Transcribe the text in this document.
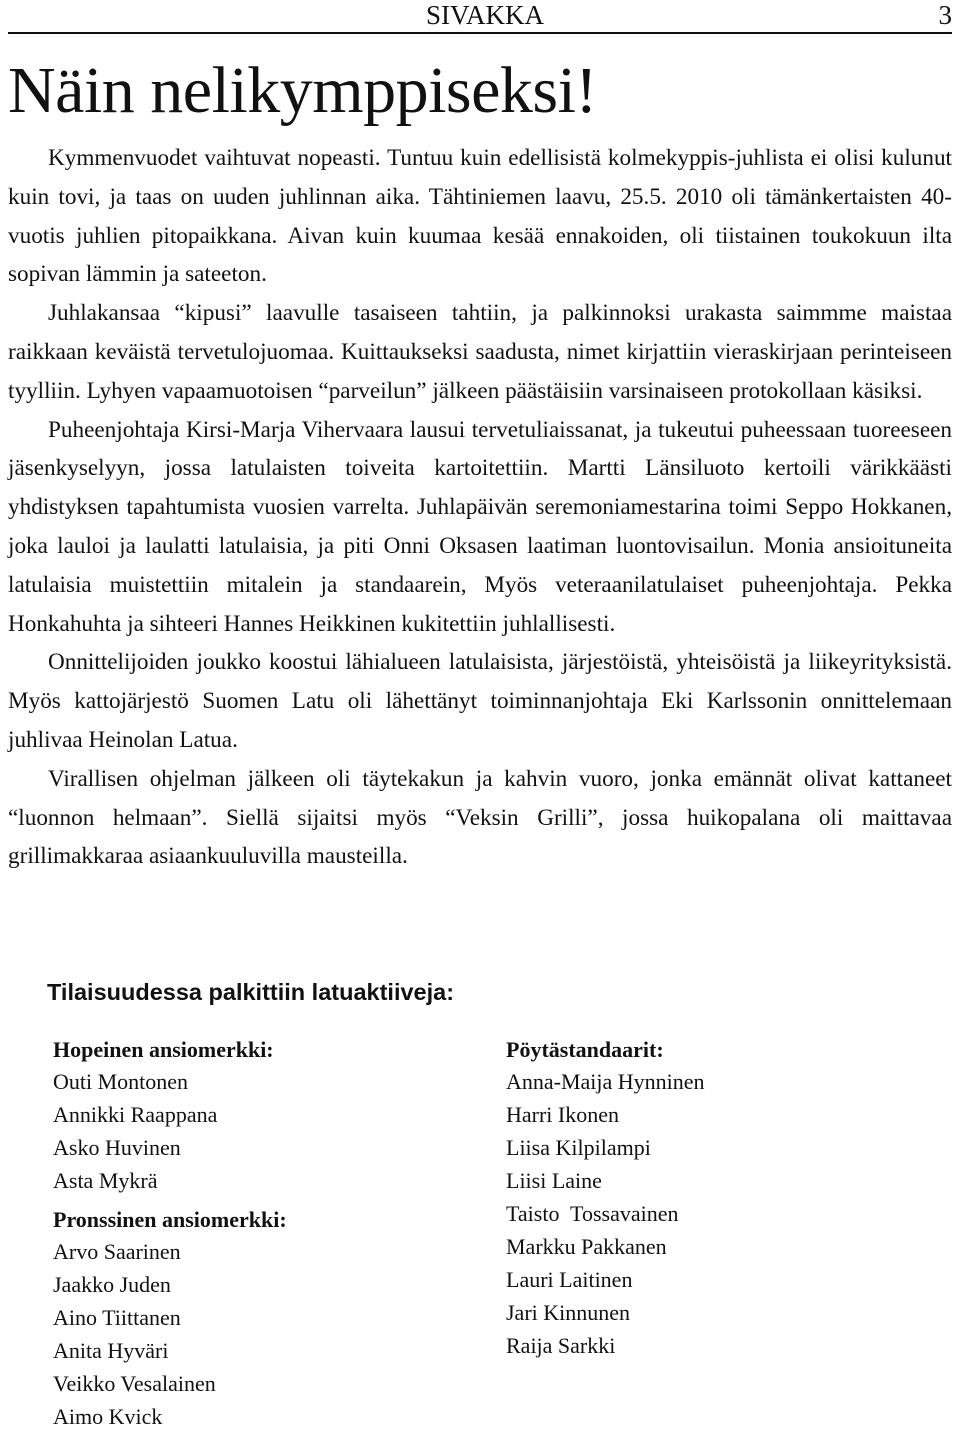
SIVAKKA	3
Näin nelikymppiseksi!

Kymmenvuodet vaihtuvat nopeasti. Tuntuu kuin edellisistä kolmekyppis-juhlista ei olisi kulunut kuin tovi, ja taas on uuden juhlinnan aika. Tähtiniemen laavu, 25.5. 2010 oli tämänkertaisten 40-vuotis juhlien pitopaikkana. Aivan kuin kuumaa kesää ennakoiden, oli tiistainen toukokuun ilta sopivan lämmin ja sateeton.

Juhlakansaa “kipusi” laavulle tasaiseen tahtiin, ja palkinnoksi urakasta saimmme maistaa raikkaan keväistä tervetulojuomaa. Kuittaukseksi saadusta, nimet kirjattiin vieraskirjaan perinteiseen tyylliin. Lyhyen vapaamuotoisen “parveilun” jälkeen päästäisiin varsinaiseen protokollaan käsiksi.

Puheenjohtaja Kirsi-Marja Vihervaara lausui tervetuliaissanat, ja tukeutui puheessaan tuoreeseen jäsenkyselyyn, jossa latulaisten toiveita kartoitettiin. Martti Länsiluoto kertoili värikkäästi yhdistyksen tapahtumista vuosien varrelta. Juhlapäivän seremoniamestarina toimi Seppo Hokkanen, joka lauloi ja laulatti latulaisia, ja piti Onni Oksasen laatiman luontovisailun. Monia ansioituneita latulaisia muistettiin mitalein ja standaarein, Myös veteraanilatulaiset puheenjohtaja. Pekka Honkahuhta ja sihteeri Hannes Heikkinen kukitettiin juhlallisesti.

Onnittelijoiden joukko koostui lähialueen latulaisista, järjestöistä, yhteisöistä ja liikeyrityksistä. Myös kattojärjestö Suomen Latu oli lähettänyt toiminnanjohtaja Eki Karlssonin onnittelemaan juhlivaa Heinolan Latua.

Virallisen ohjelman jälkeen oli täytekakun ja kahvin vuoro, jonka emännät olivat kattaneet “luonnon helmaan”. Siellä sijaitsi myös “Veksin Grilli”, jossa huikopalana oli maittavaa grillimakkaraa asiaankuuluvilla mausteilla.

Tilaisuudessa palkittiin latuaktiiveja:
Hopeinen ansiomerkki:
Outi Montonen
Annikki Raappana
Asko Huvinen
Asta Mykrä
Pronssinen ansiomerkki:
Arvo Saarinen
Jaakko Juden
Aino Tiittanen
Anita Hyväri
Veikko Vesalainen
Aimo Kvick
Pöytästandaarit:
Anna-Maija Hynninen
Harri Ikonen
Liisa Kilpilampi
Liisi Laine
Taisto  Tossavainen
Markku Pakkanen
Lauri Laitinen
Jari Kinnunen
Raija Sarkki
